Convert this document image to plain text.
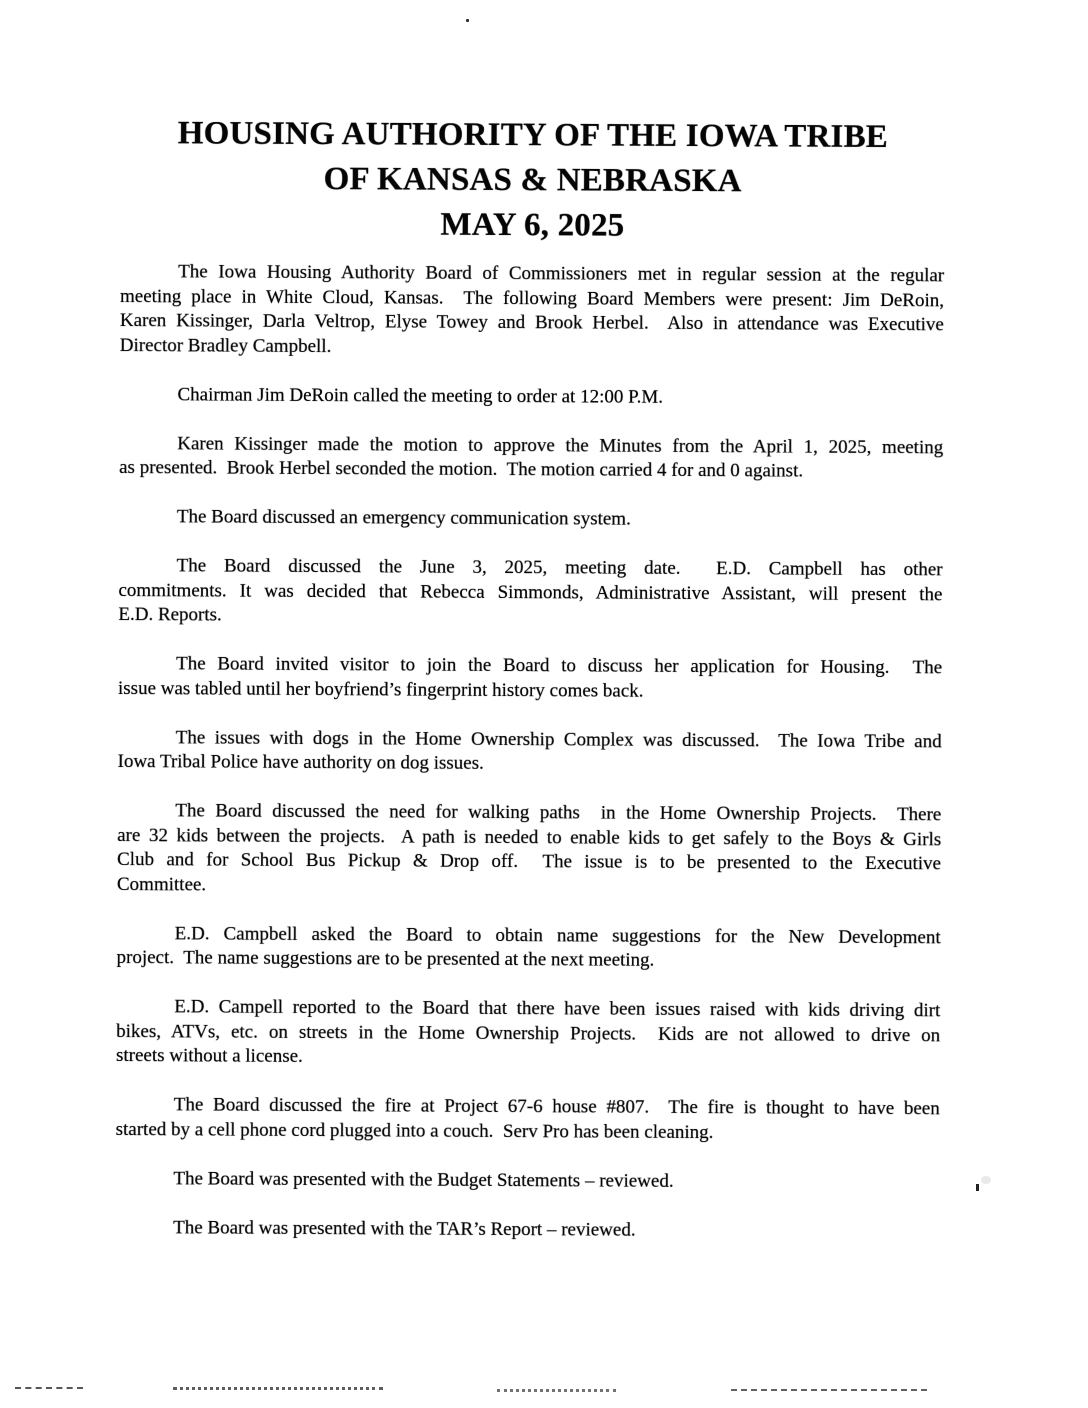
HOUSING AUTHORITY OF THE IOWA TRIBE
OF KANSAS & NEBRASKA
MAY 6, 2025

The Iowa Housing Authority Board of Commissioners met in regular session at the regular
meeting place in White Cloud, Kansas.  The following Board Members were present: Jim DeRoin,
Karen Kissinger, Darla Veltrop, Elyse Towey and Brook Herbel.  Also in attendance was Executive
Director Bradley Campbell.

Chairman Jim DeRoin called the meeting to order at 12:00 P.M.

Karen Kissinger made the motion to approve the Minutes from the April 1, 2025, meeting
as presented.  Brook Herbel seconded the motion.  The motion carried 4 for and 0 against.

The Board discussed an emergency communication system.

The Board discussed the June 3, 2025, meeting date.  E.D. Campbell has other
commitments. It was decided that Rebecca Simmonds, Administrative Assistant, will present the
E.D. Reports.

The Board invited visitor to join the Board to discuss her application for Housing.  The
issue was tabled until her boyfriend’s fingerprint history comes back.

The issues with dogs in the Home Ownership Complex was discussed.  The Iowa Tribe and
Iowa Tribal Police have authority on dog issues.

The Board discussed the need for walking paths  in the Home Ownership Projects.  There
are 32 kids between the projects.  A path is needed to enable kids to get safely to the Boys & Girls
Club and for School Bus Pickup & Drop off.  The issue is to be presented to the Executive
Committee.

E.D. Campbell asked the Board to obtain name suggestions for the New Development
project.  The name suggestions are to be presented at the next meeting.

E.D. Campell reported to the Board that there have been issues raised with kids driving dirt
bikes, ATVs, etc. on streets in the Home Ownership Projects.  Kids are not allowed to drive on
streets without a license.

The Board discussed the fire at Project 67-6 house #807.  The fire is thought to have been
started by a cell phone cord plugged into a couch.  Serv Pro has been cleaning.

The Board was presented with the Budget Statements – reviewed.

The Board was presented with the TAR’s Report – reviewed.
